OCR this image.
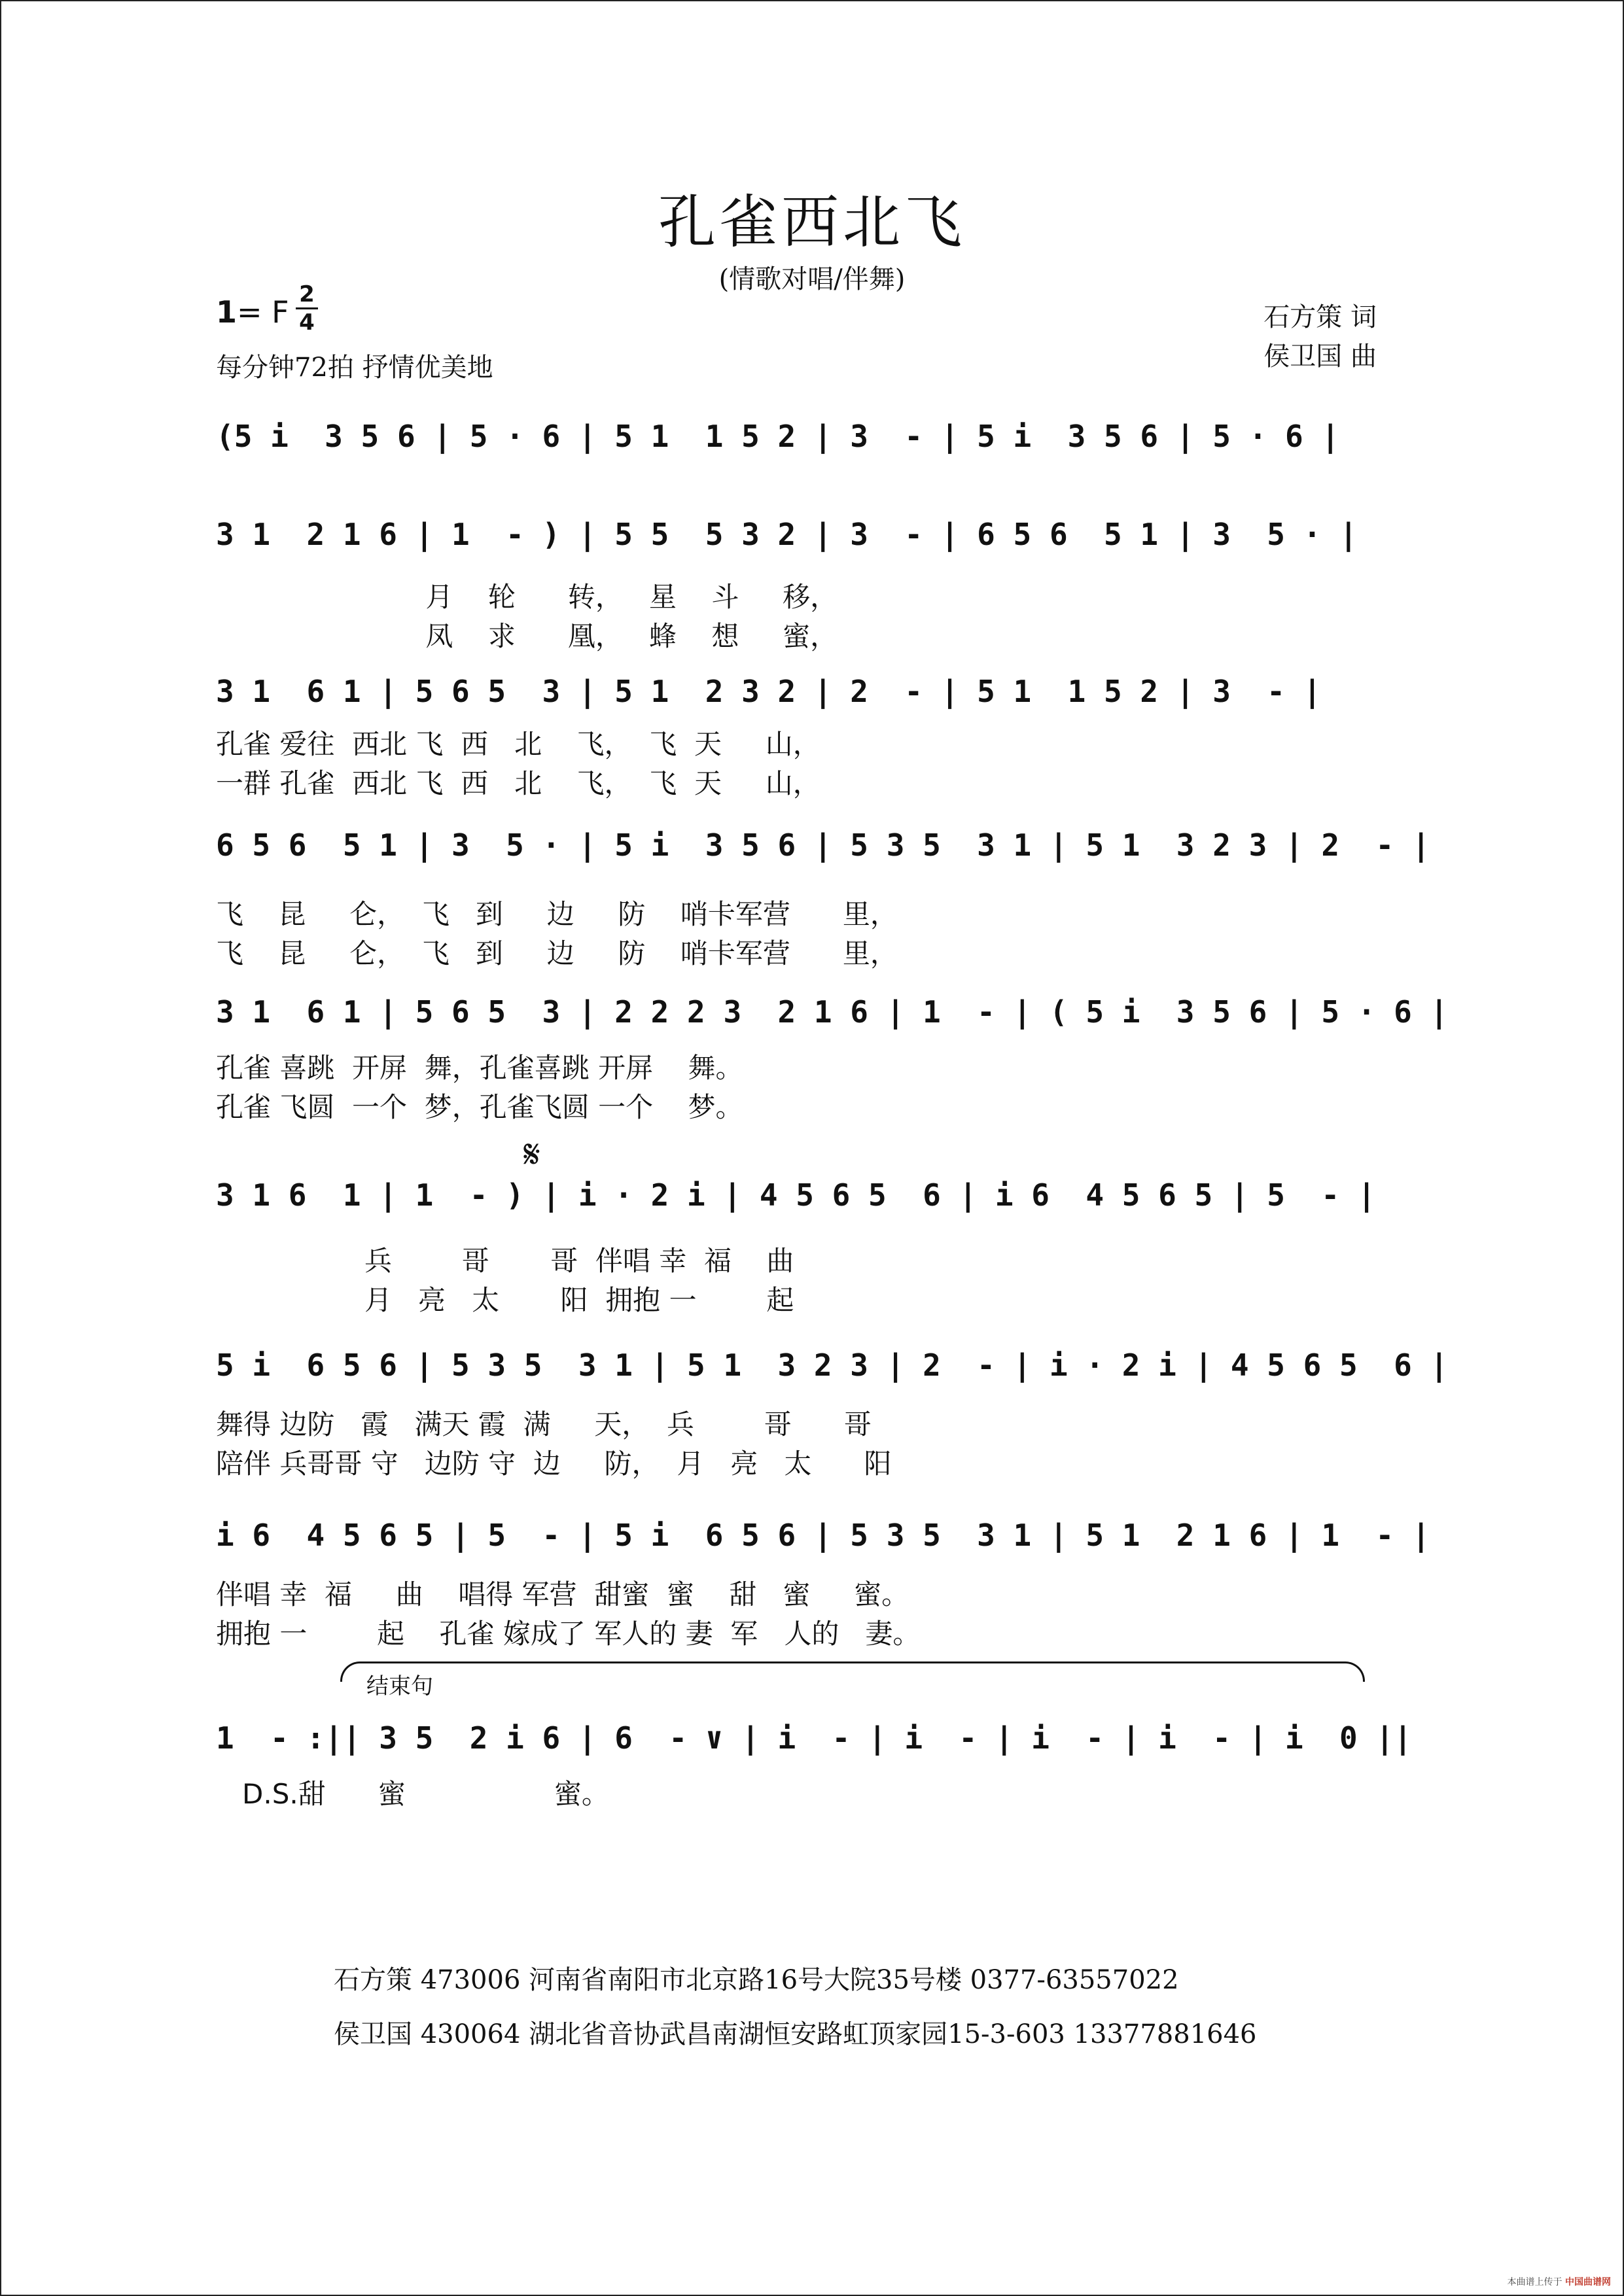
孔雀西北飞
(情歌对唱/伴舞)
1= F 2
4
每分钟72拍 抒情优美地
石方策 词
侯卫国 曲
(5 i  3 5 6 | 5 · 6 | 5 1  1 5 2 | 3  - | 5 i  3 5 6 | 5 · 6 |
3 1  2 1 6 | 1  - ) | 5 5  5 3 2 | 3  - | 6 5 6  5 1 | 3  5 · |
月    轮      转，   星    斗     移，
凤    求      凰，   蜂    想     蜜，
3 1  6 1 | 5 6 5  3 | 5 1  2 3 2 | 2  - | 5 1  1 5 2 | 3  - |
孔雀 爱往  西北 飞  西   北    飞，  飞  天     山，
一群 孔雀  西北 飞  西   北    飞，  飞  天     山，
6 5 6  5 1 | 3  5 · | 5 i  3 5 6 | 5 3 5  3 1 | 5 1  3 2 3 | 2  - |
飞    昆     仑，  飞   到     边     防    哨卡军营      里，
飞    昆     仑，  飞   到     边     防    哨卡军营      里，
3 1  6 1 | 5 6 5  3 | 2 2 2 3  2 1 6 | 1  - | ( 5 i  3 5 6 | 5 · 6 |
孔雀 喜跳  开屏  舞，孔雀喜跳 开屏    舞。
孔雀 飞圆  一个  梦，孔雀飞圆 一个    梦。
𝄋
3 1 6  1 | 1  - ) | i · 2 i | 4 5 6 5  6 | i 6  4 5 6 5 | 5  - |
兵        哥       哥  伴唱 幸  福    曲
月   亮   太       阳  拥抱 一        起
5 i  6 5 6 | 5 3 5  3 1 | 5 1  3 2 3 | 2  - | i · 2 i | 4 5 6 5  6 |
舞得 边防   霞   满天 霞  满     天，  兵        哥      哥
陪伴 兵哥哥 守   边防 守  边     防，  月   亮   太      阳
i 6  4 5 6 5 | 5  - | 5 i  6 5 6 | 5 3 5  3 1 | 5 1  2 1 6 | 1  - |
伴唱 幸  福     曲    唱得 军营  甜蜜  蜜    甜   蜜     蜜。
拥抱 一        起    孔雀 嫁成了 军人的 妻  军   人的   妻。
结束句
1  - :|| 3 5  2 i 6 | 6  - ∨ | i  - | i  - | i  - | i  - | i  0 ||
D.S.甜      蜜                 蜜。
石方策 473006 河南省南阳市北京路16号大院35号楼 0377-63557022
侯卫国 430064 湖北省音协武昌南湖恒安路虹顶家园15-3-603 13377881646
本曲谱上传于 中国曲谱网
